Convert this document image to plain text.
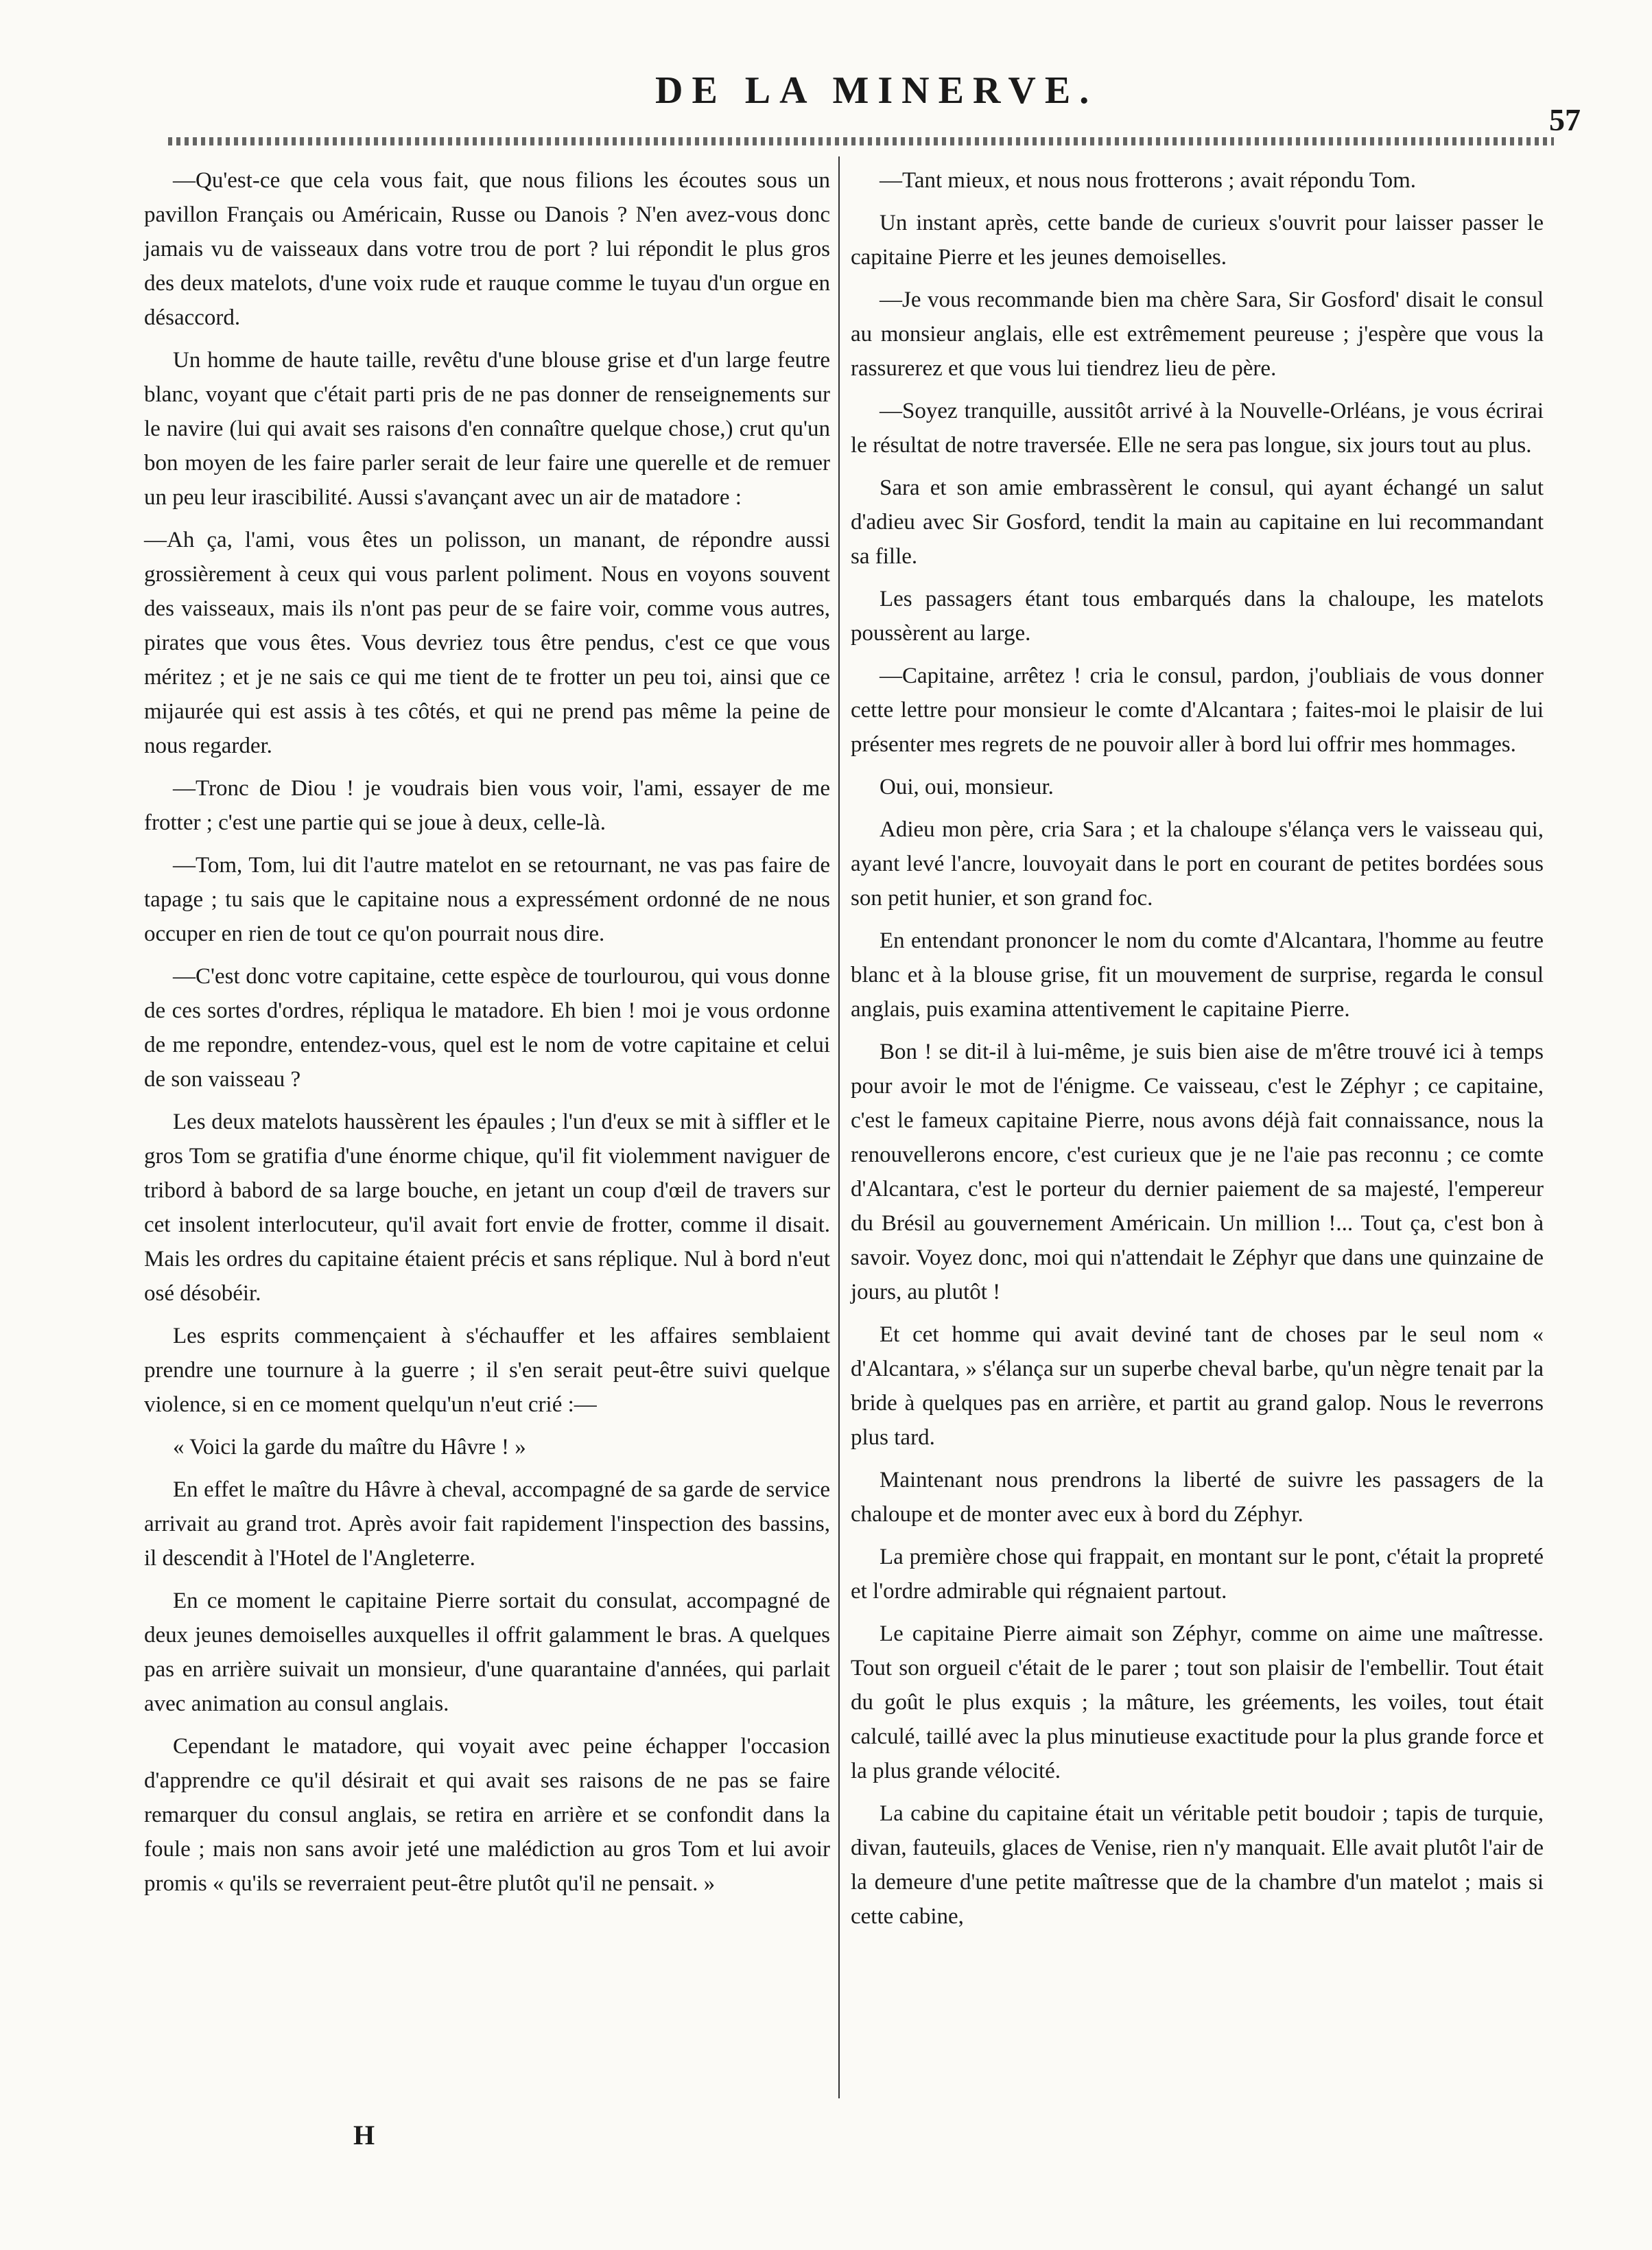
DE LA MINERVE.
57

—Qu'est-ce que cela vous fait, que nous filions les écoutes sous un pavillon Français ou Américain, Russe ou Danois ? N'en avez-vous donc jamais vu de vaisseaux dans votre trou de port ? lui répondit le plus gros des deux matelots, d'une voix rude et rauque comme le tuyau d'un orgue en désaccord.

Un homme de haute taille, revêtu d'une blouse grise et d'un large feutre blanc, voyant que c'était parti pris de ne pas donner de renseignements sur le navire (lui qui avait ses raisons d'en connaître quelque chose,) crut qu'un bon moyen de les faire parler serait de leur faire une querelle et de remuer un peu leur irascibilité. Aussi s'avançant avec un air de matadore :

—Ah ça, l'ami, vous êtes un polisson, un manant, de répondre aussi grossièrement à ceux qui vous parlent poliment. Nous en voyons souvent des vaisseaux, mais ils n'ont pas peur de se faire voir, comme vous autres, pirates que vous êtes. Vous devriez tous être pendus, c'est ce que vous méritez ; et je ne sais ce qui me tient de te frotter un peu toi, ainsi que ce mijaurée qui est assis à tes côtés, et qui ne prend pas même la peine de nous regarder.

—Tronc de Diou ! je voudrais bien vous voir, l'ami, essayer de me frotter ; c'est une partie qui se joue à deux, celle-là.

—Tom, Tom, lui dit l'autre matelot en se retournant, ne vas pas faire de tapage ; tu sais que le capitaine nous a expressément ordonné de ne nous occuper en rien de tout ce qu'on pourrait nous dire.

—C'est donc votre capitaine, cette espèce de tourlourou, qui vous donne de ces sortes d'ordres, répliqua le matadore. Eh bien ! moi je vous ordonne de me repondre, entendez-vous, quel est le nom de votre capitaine et celui de son vaisseau ?

Les deux matelots haussèrent les épaules ; l'un d'eux se mit à siffler et le gros Tom se gratifia d'une énorme chique, qu'il fit violemment naviguer de tribord à babord de sa large bouche, en jetant un coup d'œil de travers sur cet insolent interlocuteur, qu'il avait fort envie de frotter, comme il disait. Mais les ordres du capitaine étaient précis et sans réplique. Nul à bord n'eut osé désobéir.

Les esprits commençaient à s'échauffer et les affaires semblaient prendre une tournure à la guerre ; il s'en serait peut-être suivi quelque violence, si en ce moment quelqu'un n'eut crié :—

« Voici la garde du maître du Hâvre ! »

En effet le maître du Hâvre à cheval, accompagné de sa garde de service arrivait au grand trot. Après avoir fait rapidement l'inspection des bassins, il descendit à l'Hotel de l'Angleterre.

En ce moment le capitaine Pierre sortait du consulat, accompagné de deux jeunes demoiselles auxquelles il offrit galamment le bras. A quelques pas en arrière suivait un monsieur, d'une quarantaine d'années, qui parlait avec animation au consul anglais.

Cependant le matadore, qui voyait avec peine échapper l'occasion d'apprendre ce qu'il désirait et qui avait ses raisons de ne pas se faire remarquer du consul anglais, se retira en arrière et se confondit dans la foule ; mais non sans avoir jeté une malédiction au gros Tom et lui avoir promis « qu'ils se reverraient peut-être plutôt qu'il ne pensait. »

—Tant mieux, et nous nous frotterons ; avait répondu Tom.

Un instant après, cette bande de curieux s'ouvrit pour laisser passer le capitaine Pierre et les jeunes demoiselles.

—Je vous recommande bien ma chère Sara, Sir Gosford' disait le consul au monsieur anglais, elle est extrêmement peureuse ; j'espère que vous la rassurerez et que vous lui tiendrez lieu de père.

—Soyez tranquille, aussitôt arrivé à la Nouvelle-Orléans, je vous écrirai le résultat de notre traversée. Elle ne sera pas longue, six jours tout au plus.

Sara et son amie embrassèrent le consul, qui ayant échangé un salut d'adieu avec Sir Gosford, tendit la main au capitaine en lui recommandant sa fille.

Les passagers étant tous embarqués dans la chaloupe, les matelots poussèrent au large.

—Capitaine, arrêtez ! cria le consul, pardon, j'oubliais de vous donner cette lettre pour monsieur le comte d'Alcantara ; faites-moi le plaisir de lui présenter mes regrets de ne pouvoir aller à bord lui offrir mes hommages.

Oui, oui, monsieur.

Adieu mon père, cria Sara ; et la chaloupe s'élança vers le vaisseau qui, ayant levé l'ancre, louvoyait dans le port en courant de petites bordées sous son petit hunier, et son grand foc.

En entendant prononcer le nom du comte d'Alcantara, l'homme au feutre blanc et à la blouse grise, fit un mouvement de surprise, regarda le consul anglais, puis examina attentivement le capitaine Pierre.

Bon ! se dit-il à lui-même, je suis bien aise de m'être trouvé ici à temps pour avoir le mot de l'énigme. Ce vaisseau, c'est le Zéphyr ; ce capitaine, c'est le fameux capitaine Pierre, nous avons déjà fait connaissance, nous la renouvellerons encore, c'est curieux que je ne l'aie pas reconnu ; ce comte d'Alcantara, c'est le porteur du dernier paiement de sa majesté, l'empereur du Brésil au gouvernement Américain. Un million !... Tout ça, c'est bon à savoir. Voyez donc, moi qui n'attendait le Zéphyr que dans une quinzaine de jours, au plutôt !

Et cet homme qui avait deviné tant de choses par le seul nom « d'Alcantara, » s'élança sur un superbe cheval barbe, qu'un nègre tenait par la bride à quelques pas en arrière, et partit au grand galop. Nous le reverrons plus tard.

Maintenant nous prendrons la liberté de suivre les passagers de la chaloupe et de monter avec eux à bord du Zéphyr.

La première chose qui frappait, en montant sur le pont, c'était la propreté et l'ordre admirable qui régnaient partout.

Le capitaine Pierre aimait son Zéphyr, comme on aime une maîtresse. Tout son orgueil c'était de le parer ; tout son plaisir de l'embellir. Tout était du goût le plus exquis ; la mâture, les gréements, les voiles, tout était calculé, taillé avec la plus minutieuse exactitude pour la plus grande force et la plus grande vélocité.

La cabine du capitaine était un véritable petit boudoir ; tapis de turquie, divan, fauteuils, glaces de Venise, rien n'y manquait. Elle avait plutôt l'air de la demeure d'une petite maîtresse que de la chambre d'un matelot ; mais si cette cabine,

H
